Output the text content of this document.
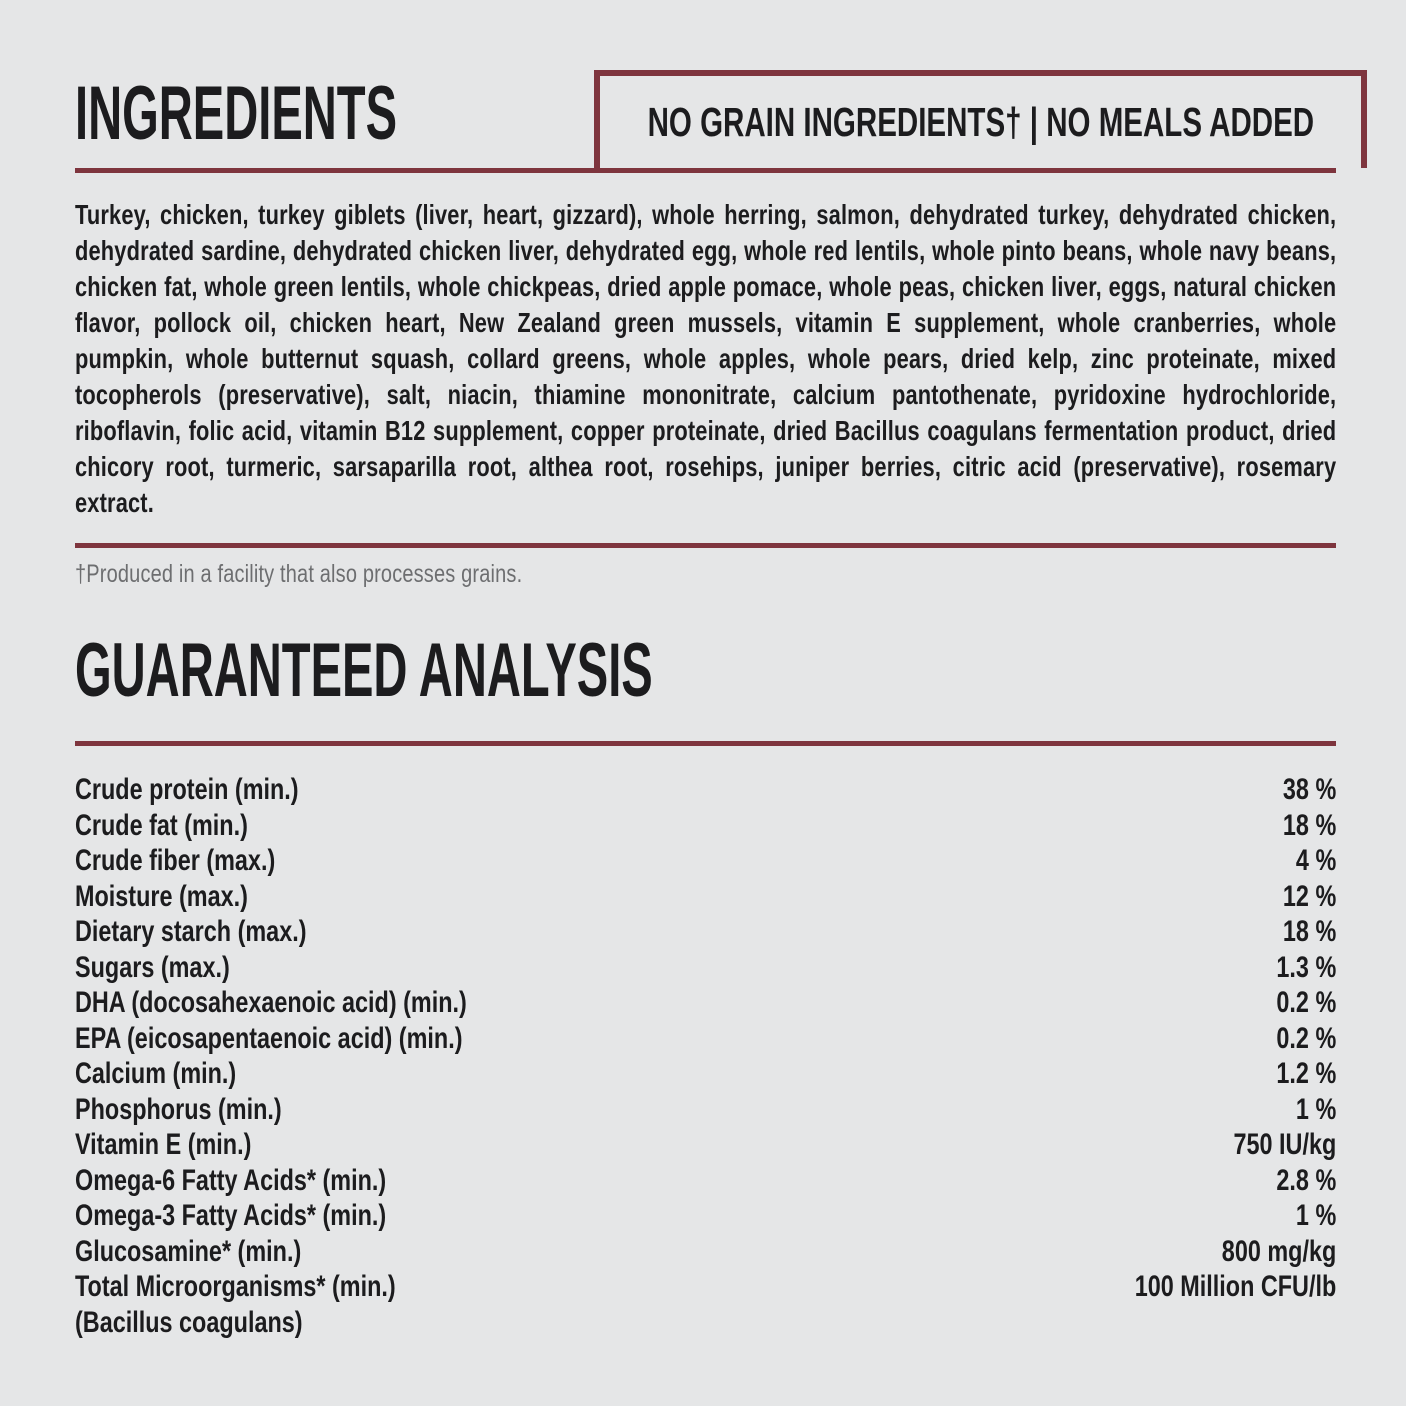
INGREDIENTS	NO GRAIN INGREDIENTS† | NO MEALS ADDED
Turkey, chicken, turkey giblets (liver, heart, gizzard), whole herring, salmon, dehydrated turkey, dehydrated chicken, dehydrated sardine, dehydrated chicken liver, dehydrated egg, whole red lentils, whole pinto beans, whole navy beans, chicken fat, whole green lentils, whole chickpeas, dried apple pomace, whole peas, chicken liver, eggs, natural chicken flavor, pollock oil, chicken heart, New Zealand green mussels, vitamin E supplement, whole cranberries, whole pumpkin, whole butternut squash, collard greens, whole apples, whole pears, dried kelp, zinc proteinate, mixed tocopherols (preservative), salt, niacin, thiamine mononitrate, calcium pantothenate, pyridoxine hydrochloride, riboflavin, folic acid, vitamin B12 supplement, copper proteinate, dried Bacillus coagulans fermentation product, dried chicory root, turmeric, sarsaparilla root, althea root, rosehips, juniper berries, citric acid (preservative), rosemary extract.
†Produced in a facility that also processes grains.
GUARANTEED ANALYSIS
Crude protein (min.)	38 %
Crude fat (min.)	18 %
Crude fiber (max.)	4 %
Moisture (max.)	12 %
Dietary starch (max.)	18 %
Sugars (max.)	1.3 %
DHA (docosahexaenoic acid) (min.)	0.2 %
EPA (eicosapentaenoic acid) (min.)	0.2 %
Calcium (min.)	1.2 %
Phosphorus (min.)	1 %
Vitamin E (min.)	750 IU/kg
Omega-6 Fatty Acids* (min.)	2.8 %
Omega-3 Fatty Acids* (min.)	1 %
Glucosamine* (min.)	800 mg/kg
Total Microorganisms* (min.)	100 Million CFU/lb
(Bacillus coagulans)
